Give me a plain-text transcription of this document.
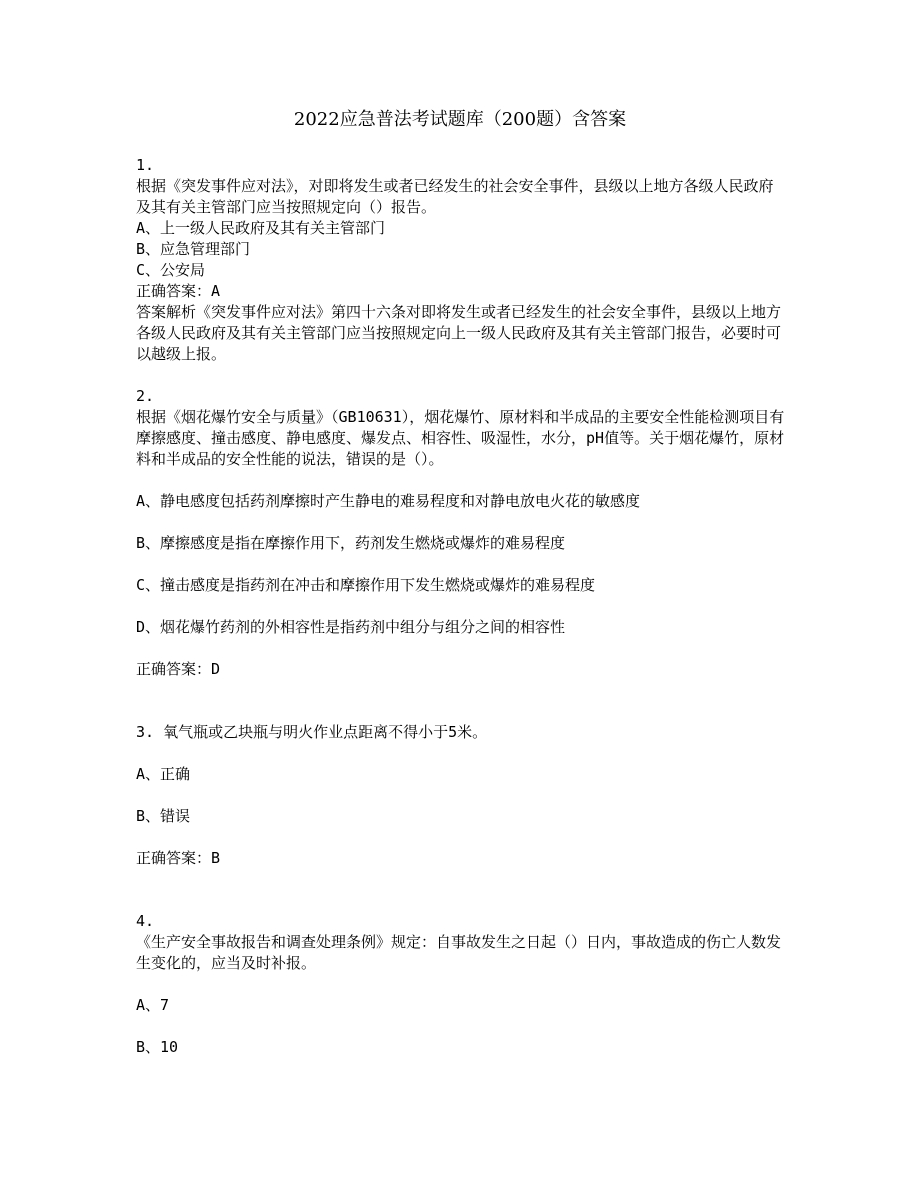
2022应急普法考试题库（200题）含答案
1.
根据《突发事件应对法》，对即将发生或者已经发生的社会安全事件，县级以上地方各级人民政府及其有关主管部门应当按照规定向（）报告。
A、上一级人民政府及其有关主管部门
B、应急管理部门
C、公安局
正确答案：A
答案解析《突发事件应对法》第四十六条对即将发生或者已经发生的社会安全事件，县级以上地方各级人民政府及其有关主管部门应当按照规定向上一级人民政府及其有关主管部门报告，必要时可以越级上报。
2.
根据《烟花爆竹安全与质量》（GB10631），烟花爆竹、原材料和半成品的主要安全性能检测项目有摩擦感度、撞击感度、静电感度、爆发点、相容性、吸湿性，水分，pH值等。关于烟花爆竹，原材料和半成品的安全性能的说法，错误的是（）。
A、静电感度包括药剂摩擦时产生静电的难易程度和对静电放电火花的敏感度
B、摩擦感度是指在摩擦作用下，药剂发生燃烧或爆炸的难易程度
C、撞击感度是指药剂在冲击和摩擦作用下发生燃烧或爆炸的难易程度
D、烟花爆竹药剂的外相容性是指药剂中组分与组分之间的相容性
正确答案：D
3. 氧气瓶或乙块瓶与明火作业点距离不得小于5米。
A、正确
B、错误
正确答案：B
4.
《生产安全事故报告和调查处理条例》规定：自事故发生之日起（）日内，事故造成的伤亡人数发生变化的，应当及时补报。
A、7
B、10
